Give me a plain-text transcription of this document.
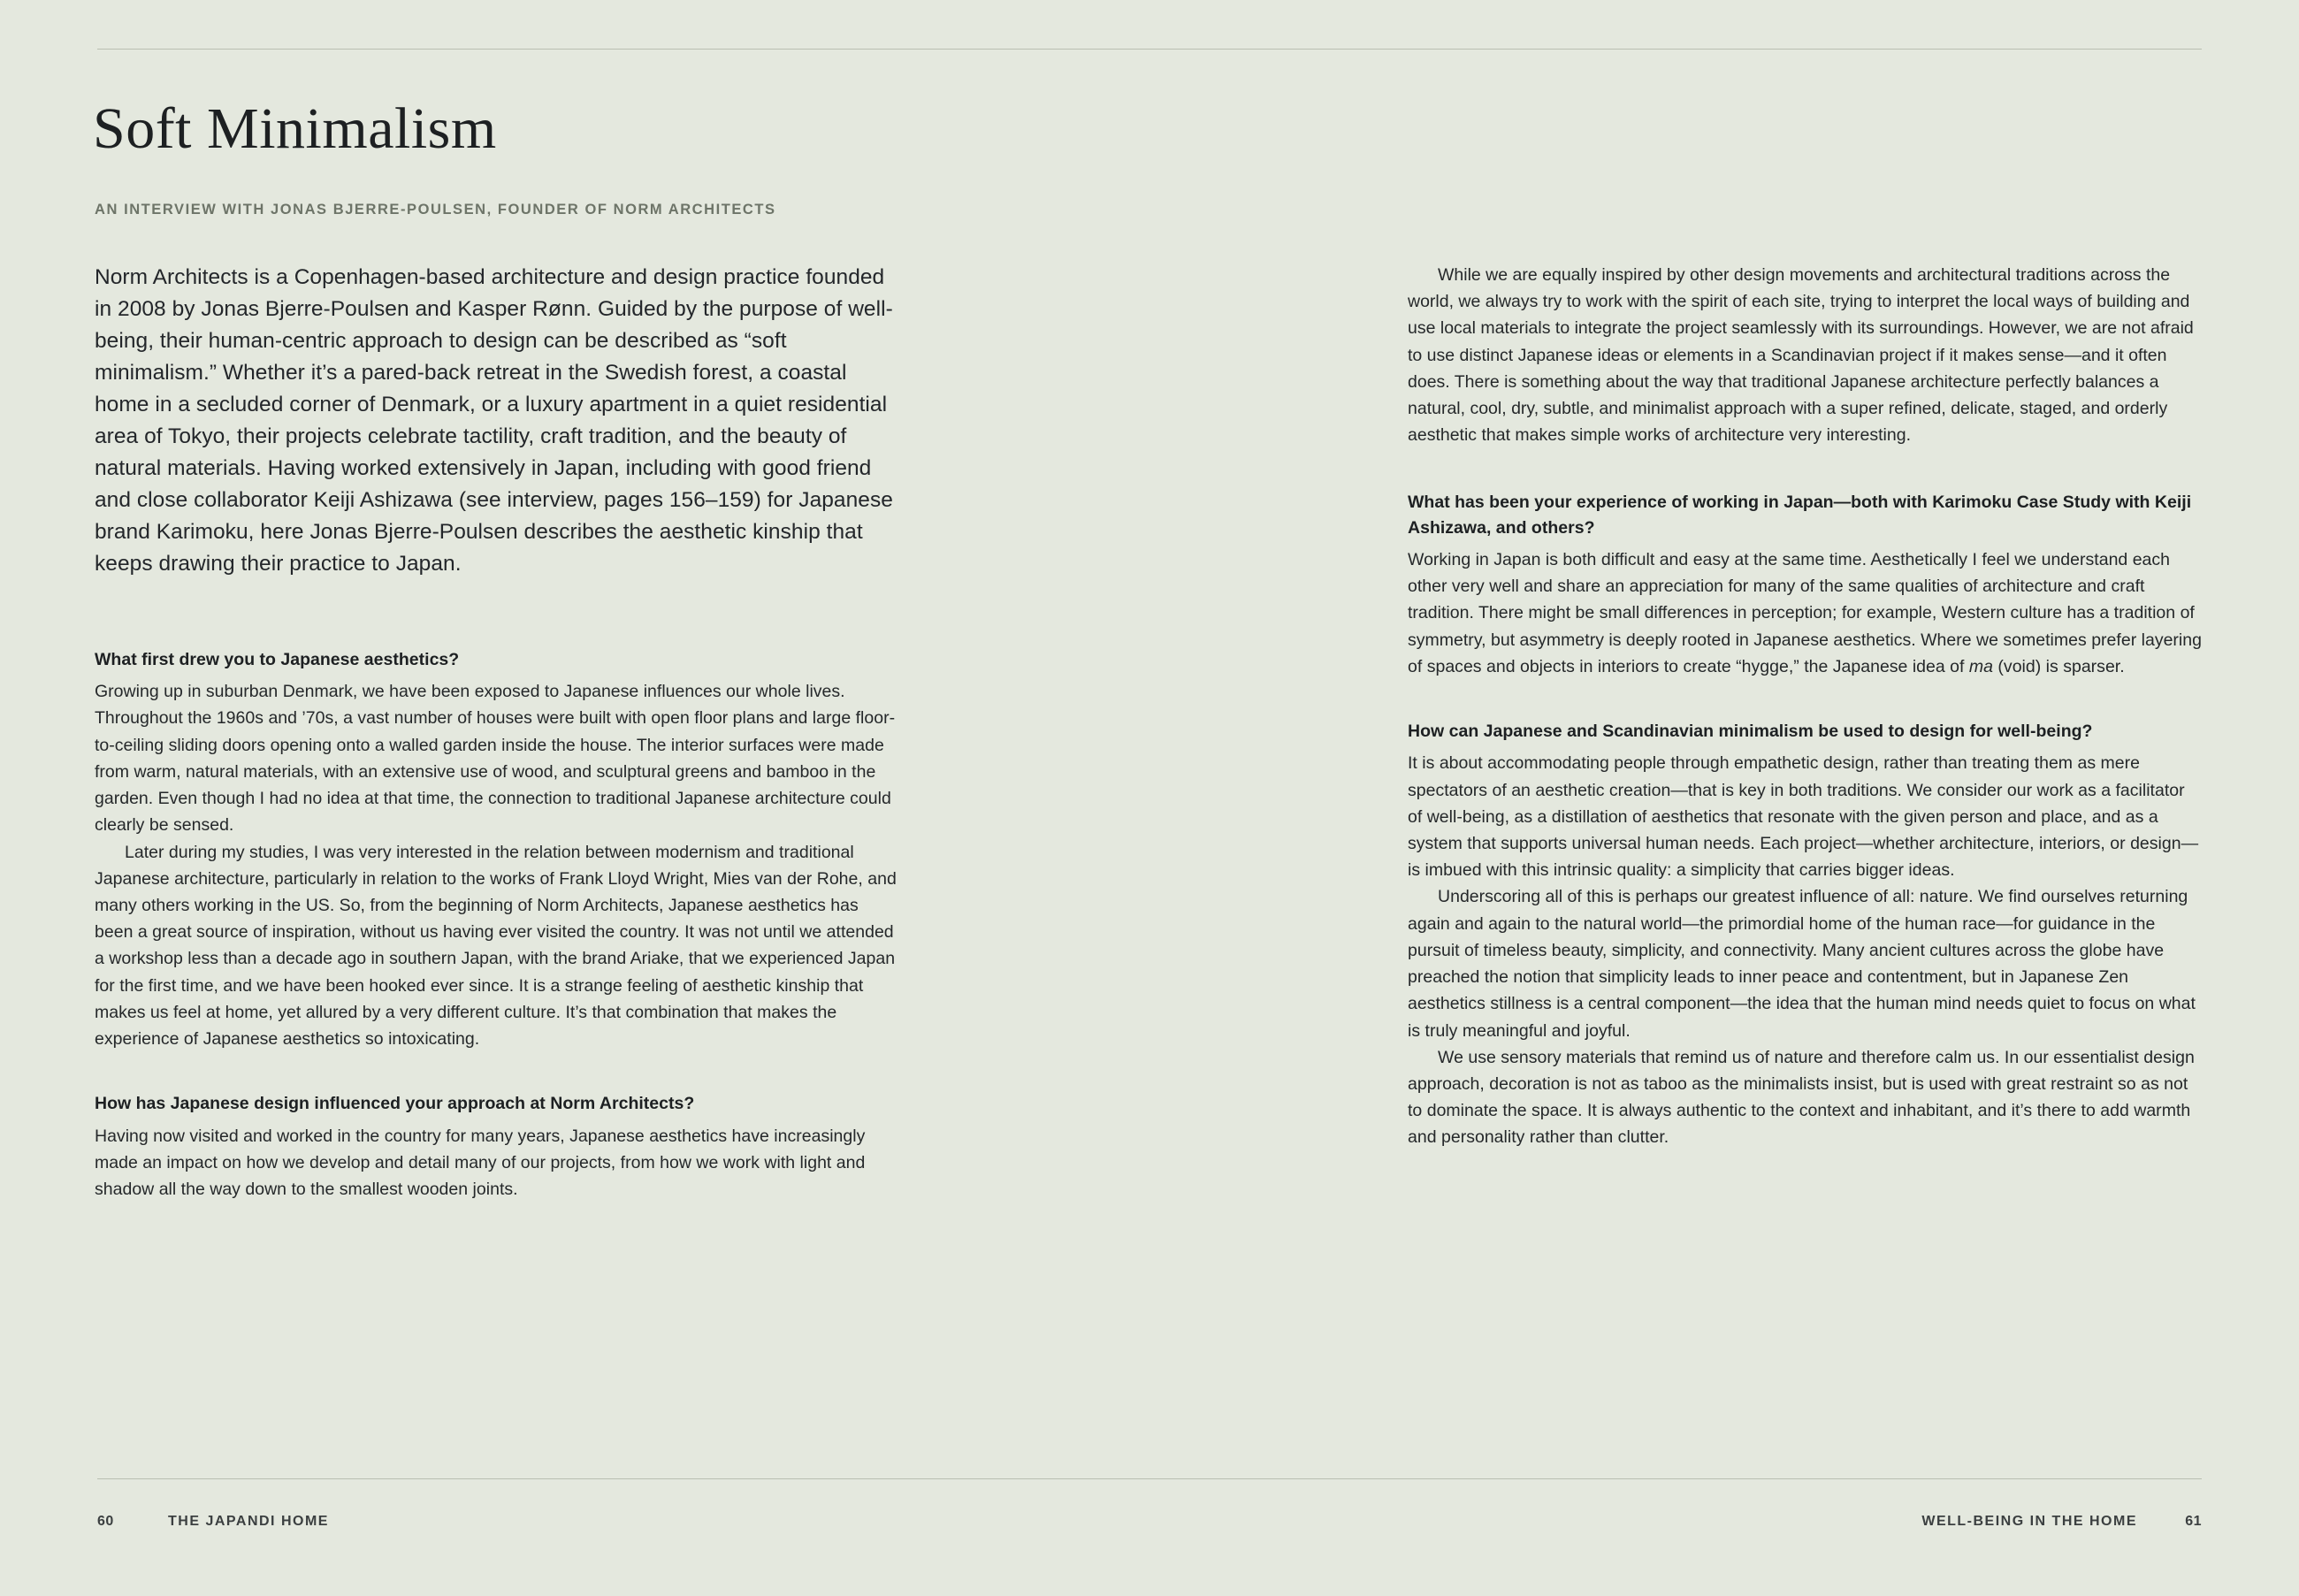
Soft Minimalism
AN INTERVIEW WITH JONAS BJERRE-POULSEN, FOUNDER OF NORM ARCHITECTS

Norm Architects is a Copenhagen-based architecture and design practice founded in 2008 by Jonas Bjerre-Poulsen and Kasper Rønn. Guided by the purpose of well-being, their human-centric approach to design can be described as “soft minimalism.” Whether it’s a pared-back retreat in the Swedish forest, a coastal home in a secluded corner of Denmark, or a luxury apartment in a quiet residential area of Tokyo, their projects celebrate tactility, craft tradition, and the beauty of natural materials. Having worked extensively in Japan, including with good friend and close collaborator Keiji Ashizawa (see interview, pages 156–159) for Japanese brand Karimoku, here Jonas Bjerre-Poulsen describes the aesthetic kinship that keeps drawing their practice to Japan.

What first drew you to Japanese aesthetics?

Growing up in suburban Denmark, we have been exposed to Japanese influences our whole lives. Throughout the 1960s and ’70s, a vast number of houses were built with open floor plans and large floor-to-ceiling sliding doors opening onto a walled garden inside the house. The interior surfaces were made from warm, natural materials, with an extensive use of wood, and sculptural greens and bamboo in the garden. Even though I had no idea at that time, the connection to traditional Japanese architecture could clearly be sensed.

Later during my studies, I was very interested in the relation between modernism and traditional Japanese architecture, particularly in relation to the works of Frank Lloyd Wright, Mies van der Rohe, and many others working in the US. So, from the beginning of Norm Architects, Japanese aesthetics has been a great source of inspiration, without us having ever visited the country. It was not until we attended a workshop less than a decade ago in southern Japan, with the brand Ariake, that we experienced Japan for the first time, and we have been hooked ever since. It is a strange feeling of aesthetic kinship that makes us feel at home, yet allured by a very different culture. It’s that combination that makes the experience of Japanese aesthetics so intoxicating.

How has Japanese design influenced your approach at Norm Architects?

Having now visited and worked in the country for many years, Japanese aesthetics have increasingly made an impact on how we develop and detail many of our projects, from how we work with light and shadow all the way down to the smallest wooden joints.

While we are equally inspired by other design movements and architectural traditions across the world, we always try to work with the spirit of each site, trying to interpret the local ways of building and use local materials to integrate the project seamlessly with its surroundings. However, we are not afraid to use distinct Japanese ideas or elements in a Scandinavian project if it makes sense—and it often does. There is something about the way that traditional Japanese architecture perfectly balances a natural, cool, dry, subtle, and minimalist approach with a super refined, delicate, staged, and orderly aesthetic that makes simple works of architecture very interesting.

What has been your experience of working in Japan—both with Karimoku Case Study with Keiji Ashizawa, and others?

Working in Japan is both difficult and easy at the same time. Aesthetically I feel we understand each other very well and share an appreciation for many of the same qualities of architecture and craft tradition. There might be small differences in perception; for example, Western culture has a tradition of symmetry, but asymmetry is deeply rooted in Japanese aesthetics. Where we sometimes prefer layering of spaces and objects in interiors to create “hygge,” the Japanese idea of ma (void) is sparser.

How can Japanese and Scandinavian minimalism be used to design for well-being?

It is about accommodating people through empathetic design, rather than treating them as mere spectators of an aesthetic creation—that is key in both traditions. We consider our work as a facilitator of well-being, as a distillation of aesthetics that resonate with the given person and place, and as a system that supports universal human needs. Each project—whether architecture, interiors, or design—is imbued with this intrinsic quality: a simplicity that carries bigger ideas.

Underscoring all of this is perhaps our greatest influence of all: nature. We find ourselves returning again and again to the natural world—the primordial home of the human race—for guidance in the pursuit of timeless beauty, simplicity, and connectivity. Many ancient cultures across the globe have preached the notion that simplicity leads to inner peace and contentment, but in Japanese Zen aesthetics stillness is a central component—the idea that the human mind needs quiet to focus on what is truly meaningful and joyful.

We use sensory materials that remind us of nature and therefore calm us. In our essentialist design approach, decoration is not as taboo as the minimalists insist, but is used with great restraint so as not to dominate the space. It is always authentic to the context and inhabitant, and it’s there to add warmth and personality rather than clutter.

60	THE JAPANDI HOME	WELL-BEING IN THE HOME	61
